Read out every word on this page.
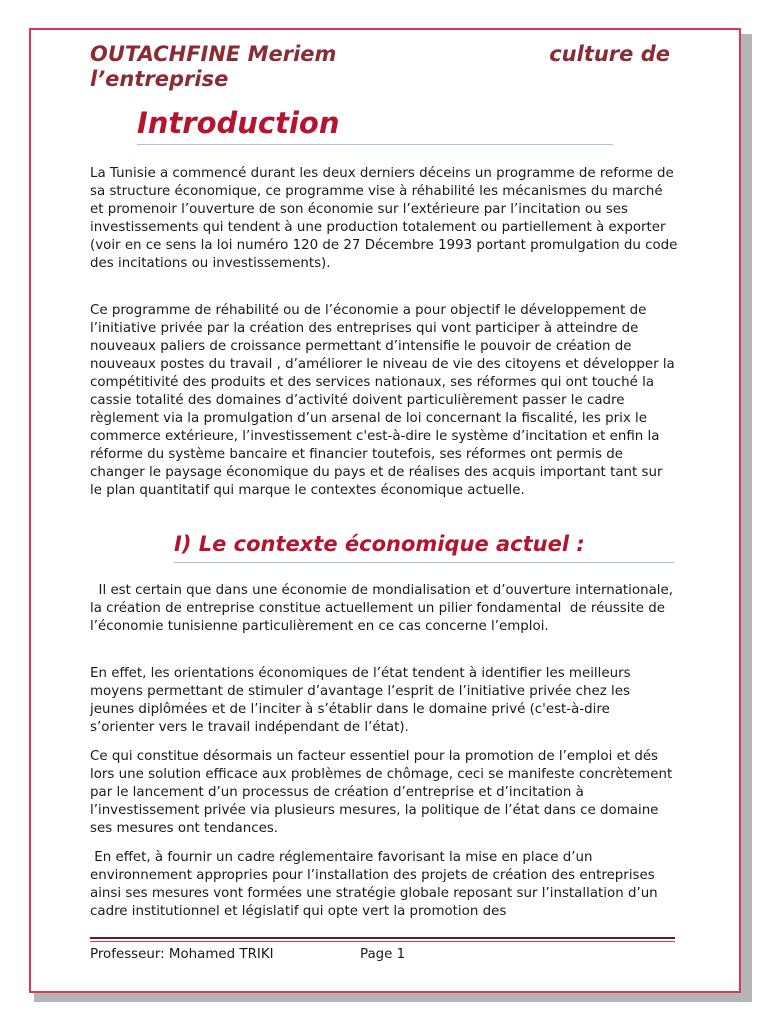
OUTACHFINE Meriem	culture de
l’entreprise
Introduction

La Tunisie a commencé durant les deux derniers déceins un programme de reforme de sa structure économique, ce programme vise à réhabilité les mécanismes du marché et promenoir l’ouverture de son économie sur l’extérieure par l’incitation ou ses investissements qui tendent à une production totalement ou partiellement à exporter (voir en ce sens la loi numéro 120 de 27 Décembre 1993 portant promulgation du code des incitations ou investissements).

Ce programme de réhabilité ou de l’économie a pour objectif le développement de l’initiative privée par la création des entreprises qui vont participer à atteindre de nouveaux paliers de croissance permettant d’intensifie le pouvoir de création de nouveaux postes du travail , d’améliorer le niveau de vie des citoyens et développer la compétitivité des produits et des services nationaux, ses réformes qui ont touché la cassie totalité des domaines d’activité doivent particulièrement passer le cadre règlement via la promulgation d’un arsenal de loi concernant la fiscalité, les prix le commerce extérieure, l’investissement c'est-à-dire le système d’incitation et enfin la réforme du système bancaire et financier toutefois, ses réformes ont permis de changer le paysage économique du pays et de réalises des acquis important tant sur le plan quantitatif qui marque le contextes économique actuelle.

I) Le contexte économique actuel :

Il est certain que dans une économie de mondialisation et d’ouverture internationale, la création de entreprise constitue actuellement un pilier fondamental  de réussite de l’économie tunisienne particulièrement en ce cas concerne l’emploi.

En effet, les orientations économiques de l’état tendent à identifier les meilleurs moyens permettant de stimuler d’avantage l’esprit de l’initiative privée chez les jeunes diplômées et de l’inciter à s’établir dans le domaine privé (c'est-à-dire s’orienter vers le travail indépendant de l’état).

Ce qui constitue désormais un facteur essentiel pour la promotion de l’emploi et dés lors une solution efficace aux problèmes de chômage, ceci se manifeste concrètement par le lancement d’un processus de création d’entreprise et d’incitation à l’investissement privée via plusieurs mesures, la politique de l’état dans ce domaine ses mesures ont tendances.

En effet, à fournir un cadre réglementaire favorisant la mise en place d’un environnement appropries pour l’installation des projets de création des entreprises ainsi ses mesures vont formées une stratégie globale reposant sur l’installation d’un cadre institutionnel et législatif qui opte vert la promotion des

Professeur: Mohamed TRIKI	Page 1
